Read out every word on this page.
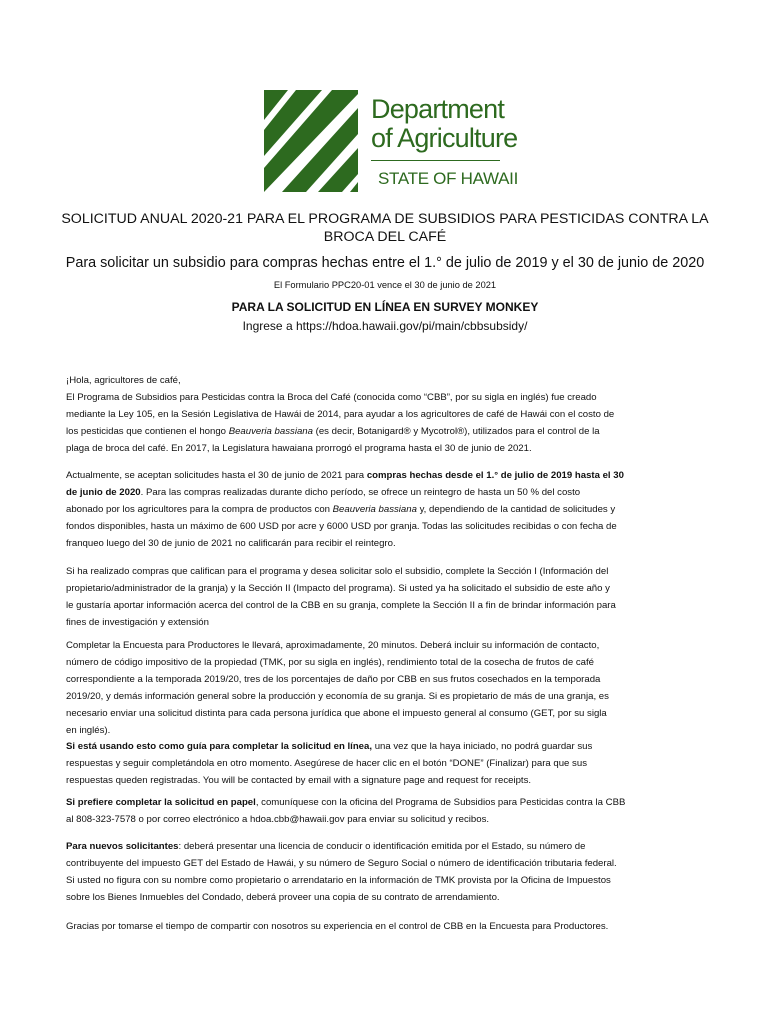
Department
of Agriculture
STATE OF HAWAII
SOLICITUD ANUAL 2020-21 PARA EL PROGRAMA DE SUBSIDIOS PARA PESTICIDAS CONTRA LA
BROCA DEL CAFÉ
Para solicitar un subsidio para compras hechas entre el 1.° de julio de 2019 y el 30 de junio de 2020
El Formulario PPC20-01 vence el 30 de junio de 2021
PARA LA SOLICITUD EN LÍNEA EN SURVEY MONKEY
Ingrese a https://hdoa.hawaii.gov/pi/main/cbbsubsidy/
¡Hola, agricultores de café,
El Programa de Subsidios para Pesticidas contra la Broca del Café (conocida como “CBB”, por su sigla en inglés) fue creado
mediante la Ley 105, en la Sesión Legislativa de Hawái de 2014, para ayudar a los agricultores de café de Hawái con el costo de
los pesticidas que contienen el hongo Beauveria bassiana (es decir, Botanigard® y Mycotrol®), utilizados para el control de la
plaga de broca del café. En 2017, la Legislatura hawaiana prorrogó el programa hasta el 30 de junio de 2021.
Actualmente, se aceptan solicitudes hasta el 30 de junio de 2021 para compras hechas desde el 1.° de julio de 2019 hasta el 30
de junio de 2020. Para las compras realizadas durante dicho período, se ofrece un reintegro de hasta un 50 % del costo
abonado por los agricultores para la compra de productos con Beauveria bassiana y, dependiendo de la cantidad de solicitudes y
fondos disponibles, hasta un máximo de 600 USD por acre y 6000 USD por granja. Todas las solicitudes recibidas o con fecha de
franqueo luego del 30 de junio de 2021 no calificarán para recibir el reintegro.
Si ha realizado compras que califican para el programa y desea solicitar solo el subsidio, complete la Sección I (Información del
propietario/administrador de la granja) y la Sección II (Impacto del programa). Si usted ya ha solicitado el subsidio de este año y
le gustaría aportar información acerca del control de la CBB en su granja, complete la Sección II a fin de brindar información para
fines de investigación y extensión
Completar la Encuesta para Productores le llevará, aproximadamente, 20 minutos. Deberá incluir su información de contacto,
número de código impositivo de la propiedad (TMK, por su sigla en inglés), rendimiento total de la cosecha de frutos de café
correspondiente a la temporada 2019/20, tres de los porcentajes de daño por CBB en sus frutos cosechados en la temporada
2019/20, y demás información general sobre la producción y economía de su granja. Si es propietario de más de una granja, es
necesario enviar una solicitud distinta para cada persona jurídica que abone el impuesto general al consumo (GET, por su sigla
en inglés).
Si está usando esto como guía para completar la solicitud en línea, una vez que la haya iniciado, no podrá guardar sus
respuestas y seguir completándola en otro momento. Asegúrese de hacer clic en el botón “DONE” (Finalizar) para que sus
respuestas queden registradas. You will be contacted by email with a signature page and request for receipts.
Si prefiere completar la solicitud en papel, comuníquese con la oficina del Programa de Subsidios para Pesticidas contra la CBB
al 808-323-7578 o por correo electrónico a hdoa.cbb@hawaii.gov para enviar su solicitud y recibos.
Para nuevos solicitantes: deberá presentar una licencia de conducir o identificación emitida por el Estado, su número de
contribuyente del impuesto GET del Estado de Hawái, y su número de Seguro Social o número de identificación tributaria federal.
Si usted no figura con su nombre como propietario o arrendatario en la información de TMK provista por la Oficina de Impuestos
sobre los Bienes Inmuebles del Condado, deberá proveer una copia de su contrato de arrendamiento.
Gracias por tomarse el tiempo de compartir con nosotros su experiencia en el control de CBB en la Encuesta para Productores.
